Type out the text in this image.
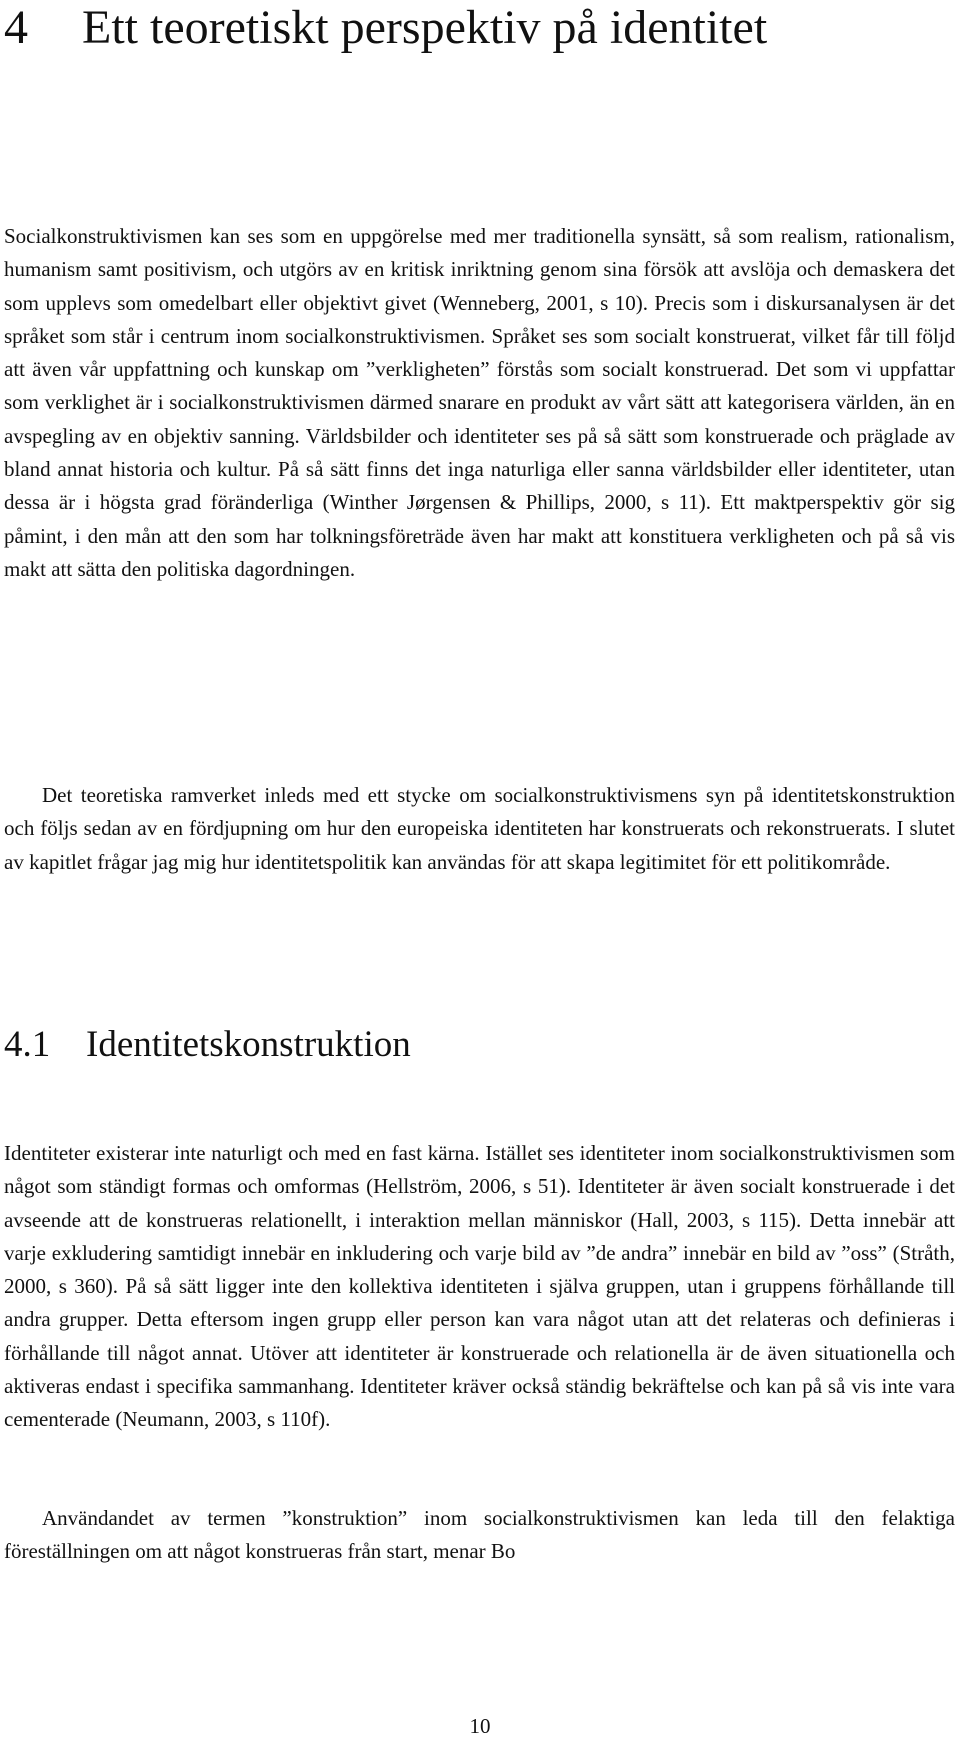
4 Ett teoretiskt perspektiv på identitet

Socialkonstruktivismen kan ses som en uppgörelse med mer traditionella synsätt, så som realism, rationalism, humanism samt positivism, och utgörs av en kritisk inriktning genom sina försök att avslöja och demaskera det som upplevs som omedelbart eller objektivt givet (Wenneberg, 2001, s 10). Precis som i diskursanalysen är det språket som står i centrum inom socialkonstruktivismen. Språket ses som socialt konstruerat, vilket får till följd att även vår uppfattning och kunskap om ”verkligheten” förstås som socialt konstruerad. Det som vi uppfattar som verklighet är i socialkonstruktivismen därmed snarare en produkt av vårt sätt att kategorisera världen, än en avspegling av en objektiv sanning. Världsbilder och identiteter ses på så sätt som konstruerade och präglade av bland annat historia och kultur. På så sätt finns det inga naturliga eller sanna världsbilder eller identiteter, utan dessa är i högsta grad föränderliga (Winther Jørgensen & Phillips, 2000, s 11). Ett maktperspektiv gör sig påmint, i den mån att den som har tolkningsföreträde även har makt att konstituera verkligheten och på så vis makt att sätta den politiska dagordningen.

Det teoretiska ramverket inleds med ett stycke om socialkonstruktivismens syn på identitetskonstruktion och följs sedan av en fördjupning om hur den europeiska identiteten har konstruerats och rekonstruerats. I slutet av kapitlet frågar jag mig hur identitetspolitik kan användas för att skapa legitimitet för ett politikområde.

4.1 Identitetskonstruktion

Identiteter existerar inte naturligt och med en fast kärna. Istället ses identiteter inom socialkonstruktivismen som något som ständigt formas och omformas (Hellström, 2006, s 51). Identiteter är även socialt konstruerade i det avseende att de konstrueras relationellt, i interaktion mellan människor (Hall, 2003, s 115). Detta innebär att varje exkludering samtidigt innebär en inkludering och varje bild av ”de andra” innebär en bild av ”oss” (Stråth, 2000, s 360). På så sätt ligger inte den kollektiva identiteten i själva gruppen, utan i gruppens förhållande till andra grupper. Detta eftersom ingen grupp eller person kan vara något utan att det relateras och definieras i förhållande till något annat. Utöver att identiteter är konstruerade och relationella är de även situationella och aktiveras endast i specifika sammanhang. Identiteter kräver också ständig bekräftelse och kan på så vis inte vara cementerade (Neumann, 2003, s 110f).

Användandet av termen ”konstruktion” inom socialkonstruktivismen kan leda till den felaktiga föreställningen om att något konstrueras från start, menar Bo

10
